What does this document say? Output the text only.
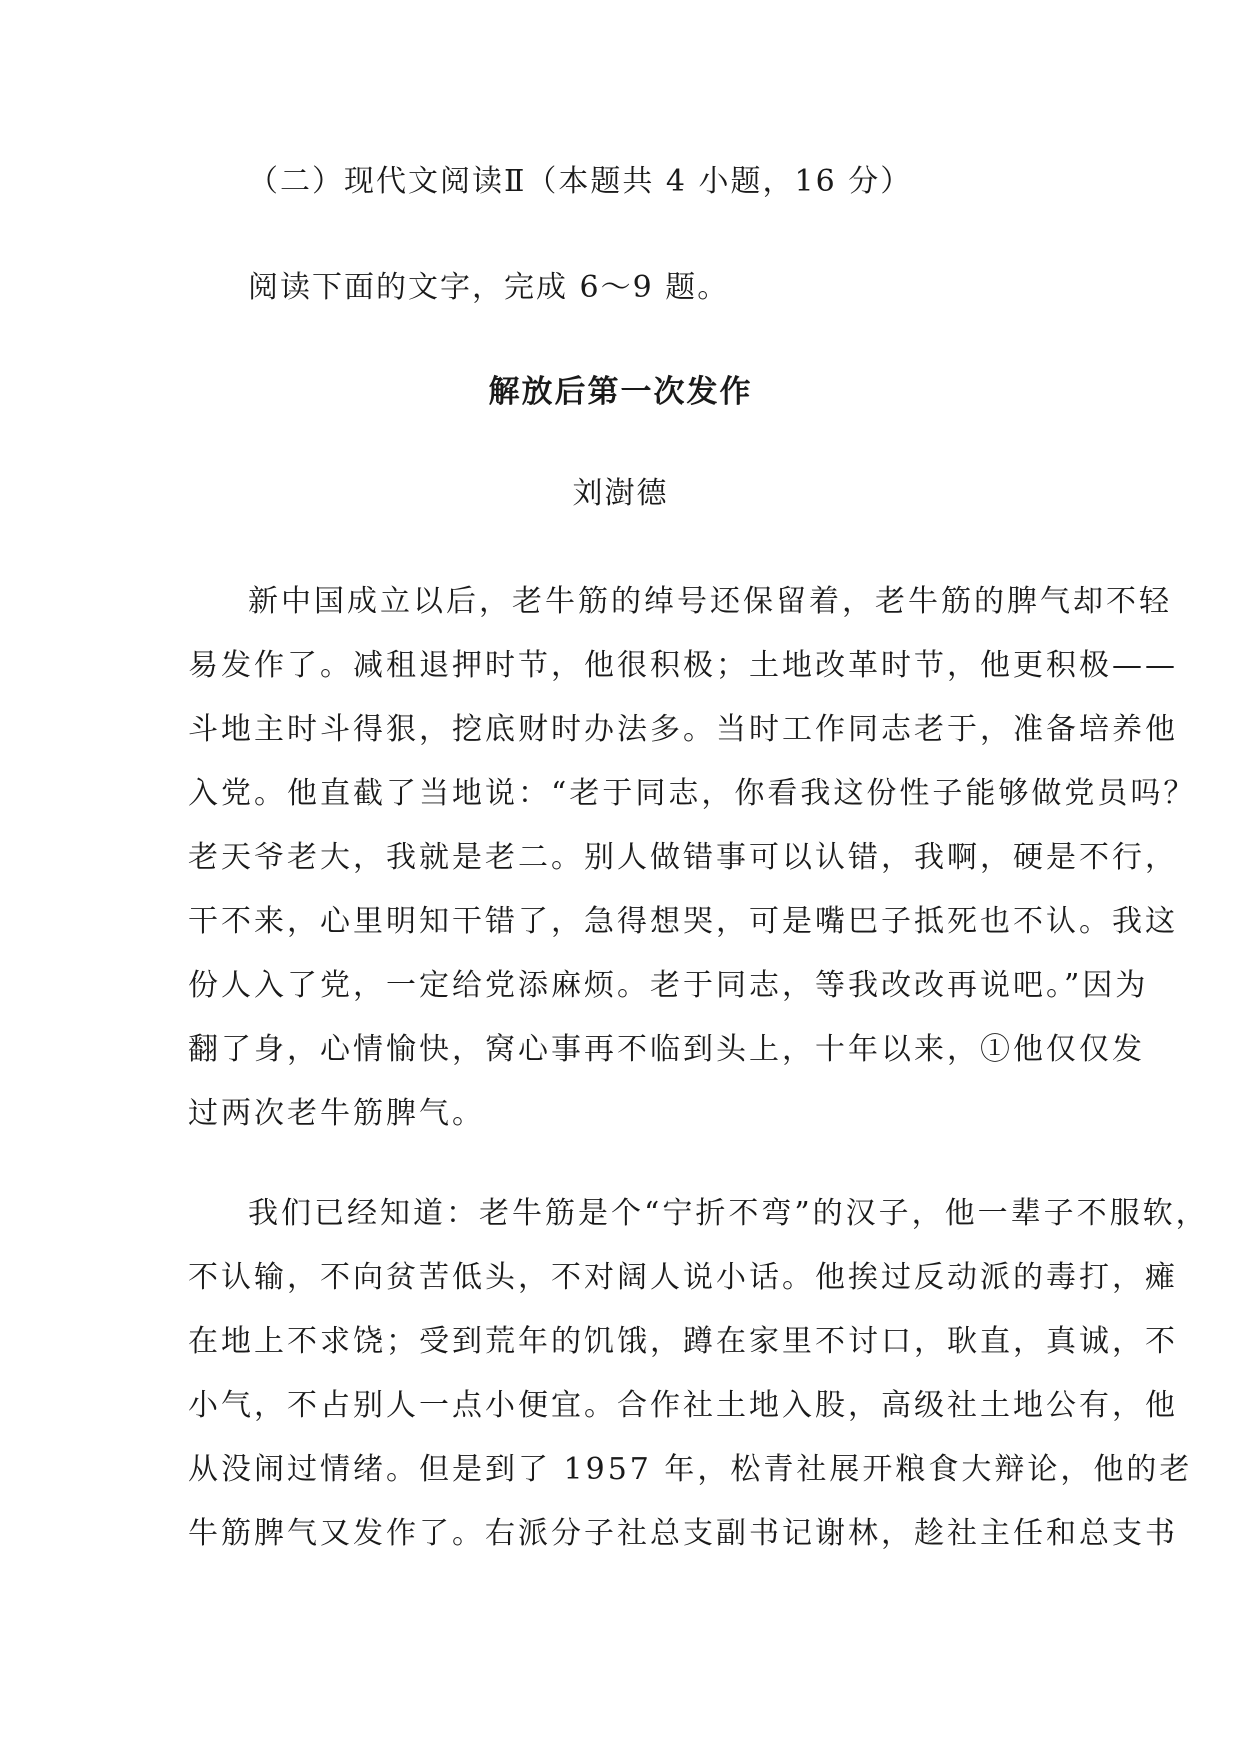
（二）现代文阅读Ⅱ（本题共 4 小题，16 分）
阅读下面的文字，完成 6～9 题。
解放后第一次发作
刘澍德
新中国成立以后，老牛筋的绰号还保留着，老牛筋的脾气却不轻
易发作了。减租退押时节，他很积极；土地改革时节，他更积极——
斗地主时斗得狠，挖底财时办法多。当时工作同志老于，准备培养他
入党。他直截了当地说：“老于同志，你看我这份性子能够做党员吗？
老天爷老大，我就是老二。别人做错事可以认错，我啊，硬是不行，
干不来，心里明知干错了，急得想哭，可是嘴巴子抵死也不认。我这
份人入了党，一定给党添麻烦。老于同志，等我改改再说吧。”因为
翻了身，心情愉快，窝心事再不临到头上，十年以来，①他仅仅发
过两次老牛筋脾气。
我们已经知道：老牛筋是个“宁折不弯”的汉子，他一辈子不服软，
不认输，不向贫苦低头，不对阔人说小话。他挨过反动派的毒打，瘫
在地上不求饶；受到荒年的饥饿，蹲在家里不讨口，耿直，真诚，不
小气，不占别人一点小便宜。合作社土地入股，高级社土地公有，他
从没闹过情绪。但是到了 1957 年，松青社展开粮食大辩论，他的老
牛筋脾气又发作了。右派分子社总支副书记谢林，趁社主任和总支书
